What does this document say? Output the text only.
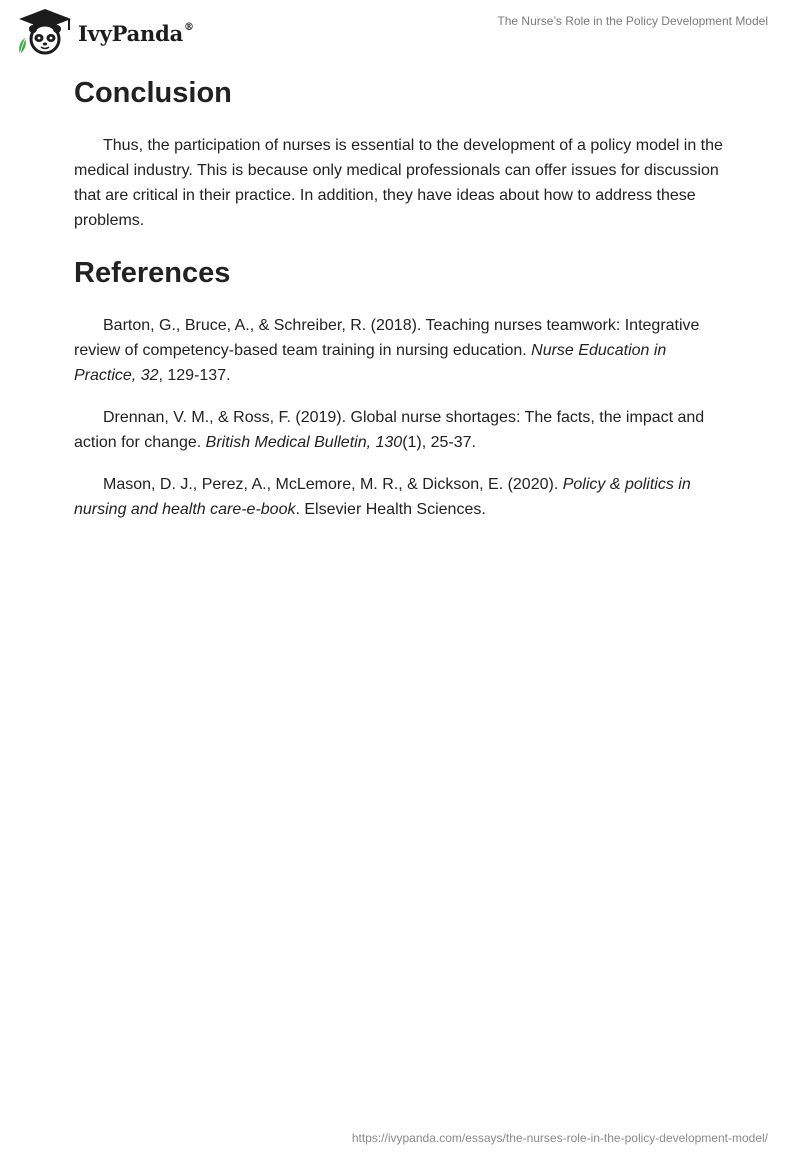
IvyPanda®	The Nurse’s Role in the Policy Development Model
Conclusion

Thus, the participation of nurses is essential to the development of a policy model in the medical industry. This is because only medical professionals can offer issues for discussion that are critical in their practice. In addition, they have ideas about how to address these problems.

References

Barton, G., Bruce, A., & Schreiber, R. (2018). Teaching nurses teamwork: Integrative review of competency-based team training in nursing education. Nurse Education in Practice, 32, 129-137.

Drennan, V. M., & Ross, F. (2019). Global nurse shortages: The facts, the impact and action for change. British Medical Bulletin, 130(1), 25-37.

Mason, D. J., Perez, A., McLemore, M. R., & Dickson, E. (2020). Policy & politics in nursing and health care-e-book. Elsevier Health Sciences.

https://ivypanda.com/essays/the-nurses-role-in-the-policy-development-model/
